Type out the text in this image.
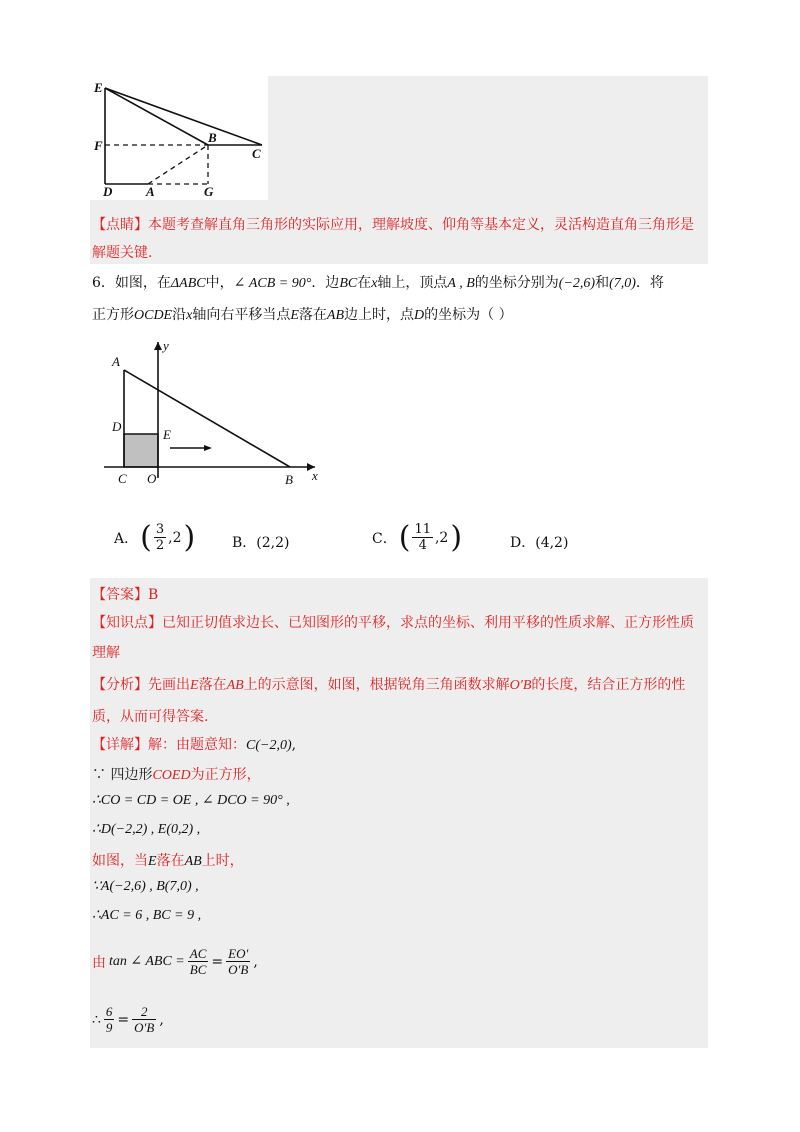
E
F
D	A	G
B
C
【点睛】本题考查解直角三角形的实际应用，理解坡度、仰角等基本定义，灵活构造直角三角形是
解题关键.
6．如图，在ΔABC中，∠ ACB = 90°．边BC在x轴上，顶点A , B的坐标分别为(−2,6)和(7,0)．将
正方形OCDE沿x轴向右平移当点E落在AB边上时，点D的坐标为（ ）
A
y
D
E
C O	B x
A． ( $\frac{3}{2} ,2$ )	B．(2,2)	C． ( $\frac{11}{4} ,2$ )	D．(4,2)
【答案】B
【知识点】已知正切值求边长、已知图形的平移，求点的坐标、利用平移的性质求解、正方形性质
理解
【分析】先画出E落在AB上的示意图，如图，根据锐角三角函数求解O′B的长度，结合正方形的性
质，从而可得答案.
【详解】解：由题意知：C(−2,0),
∵ 四边形COED为正方形，
∴CO = CD = OE , ∠ DCO = 90° ,
∴D(−2,2) , E(0,2) ,
如图，当E落在AB上时，
∵A(−2,6) , B(7,0) ,
∴AC = 6 , BC = 9 ,
由 tan ∠ ABC = $\frac{AC}{BC} = \frac{EO'}{O'B}$ ,
∴ $\frac{6}{9} = \frac{2}{O'B}$ ,
